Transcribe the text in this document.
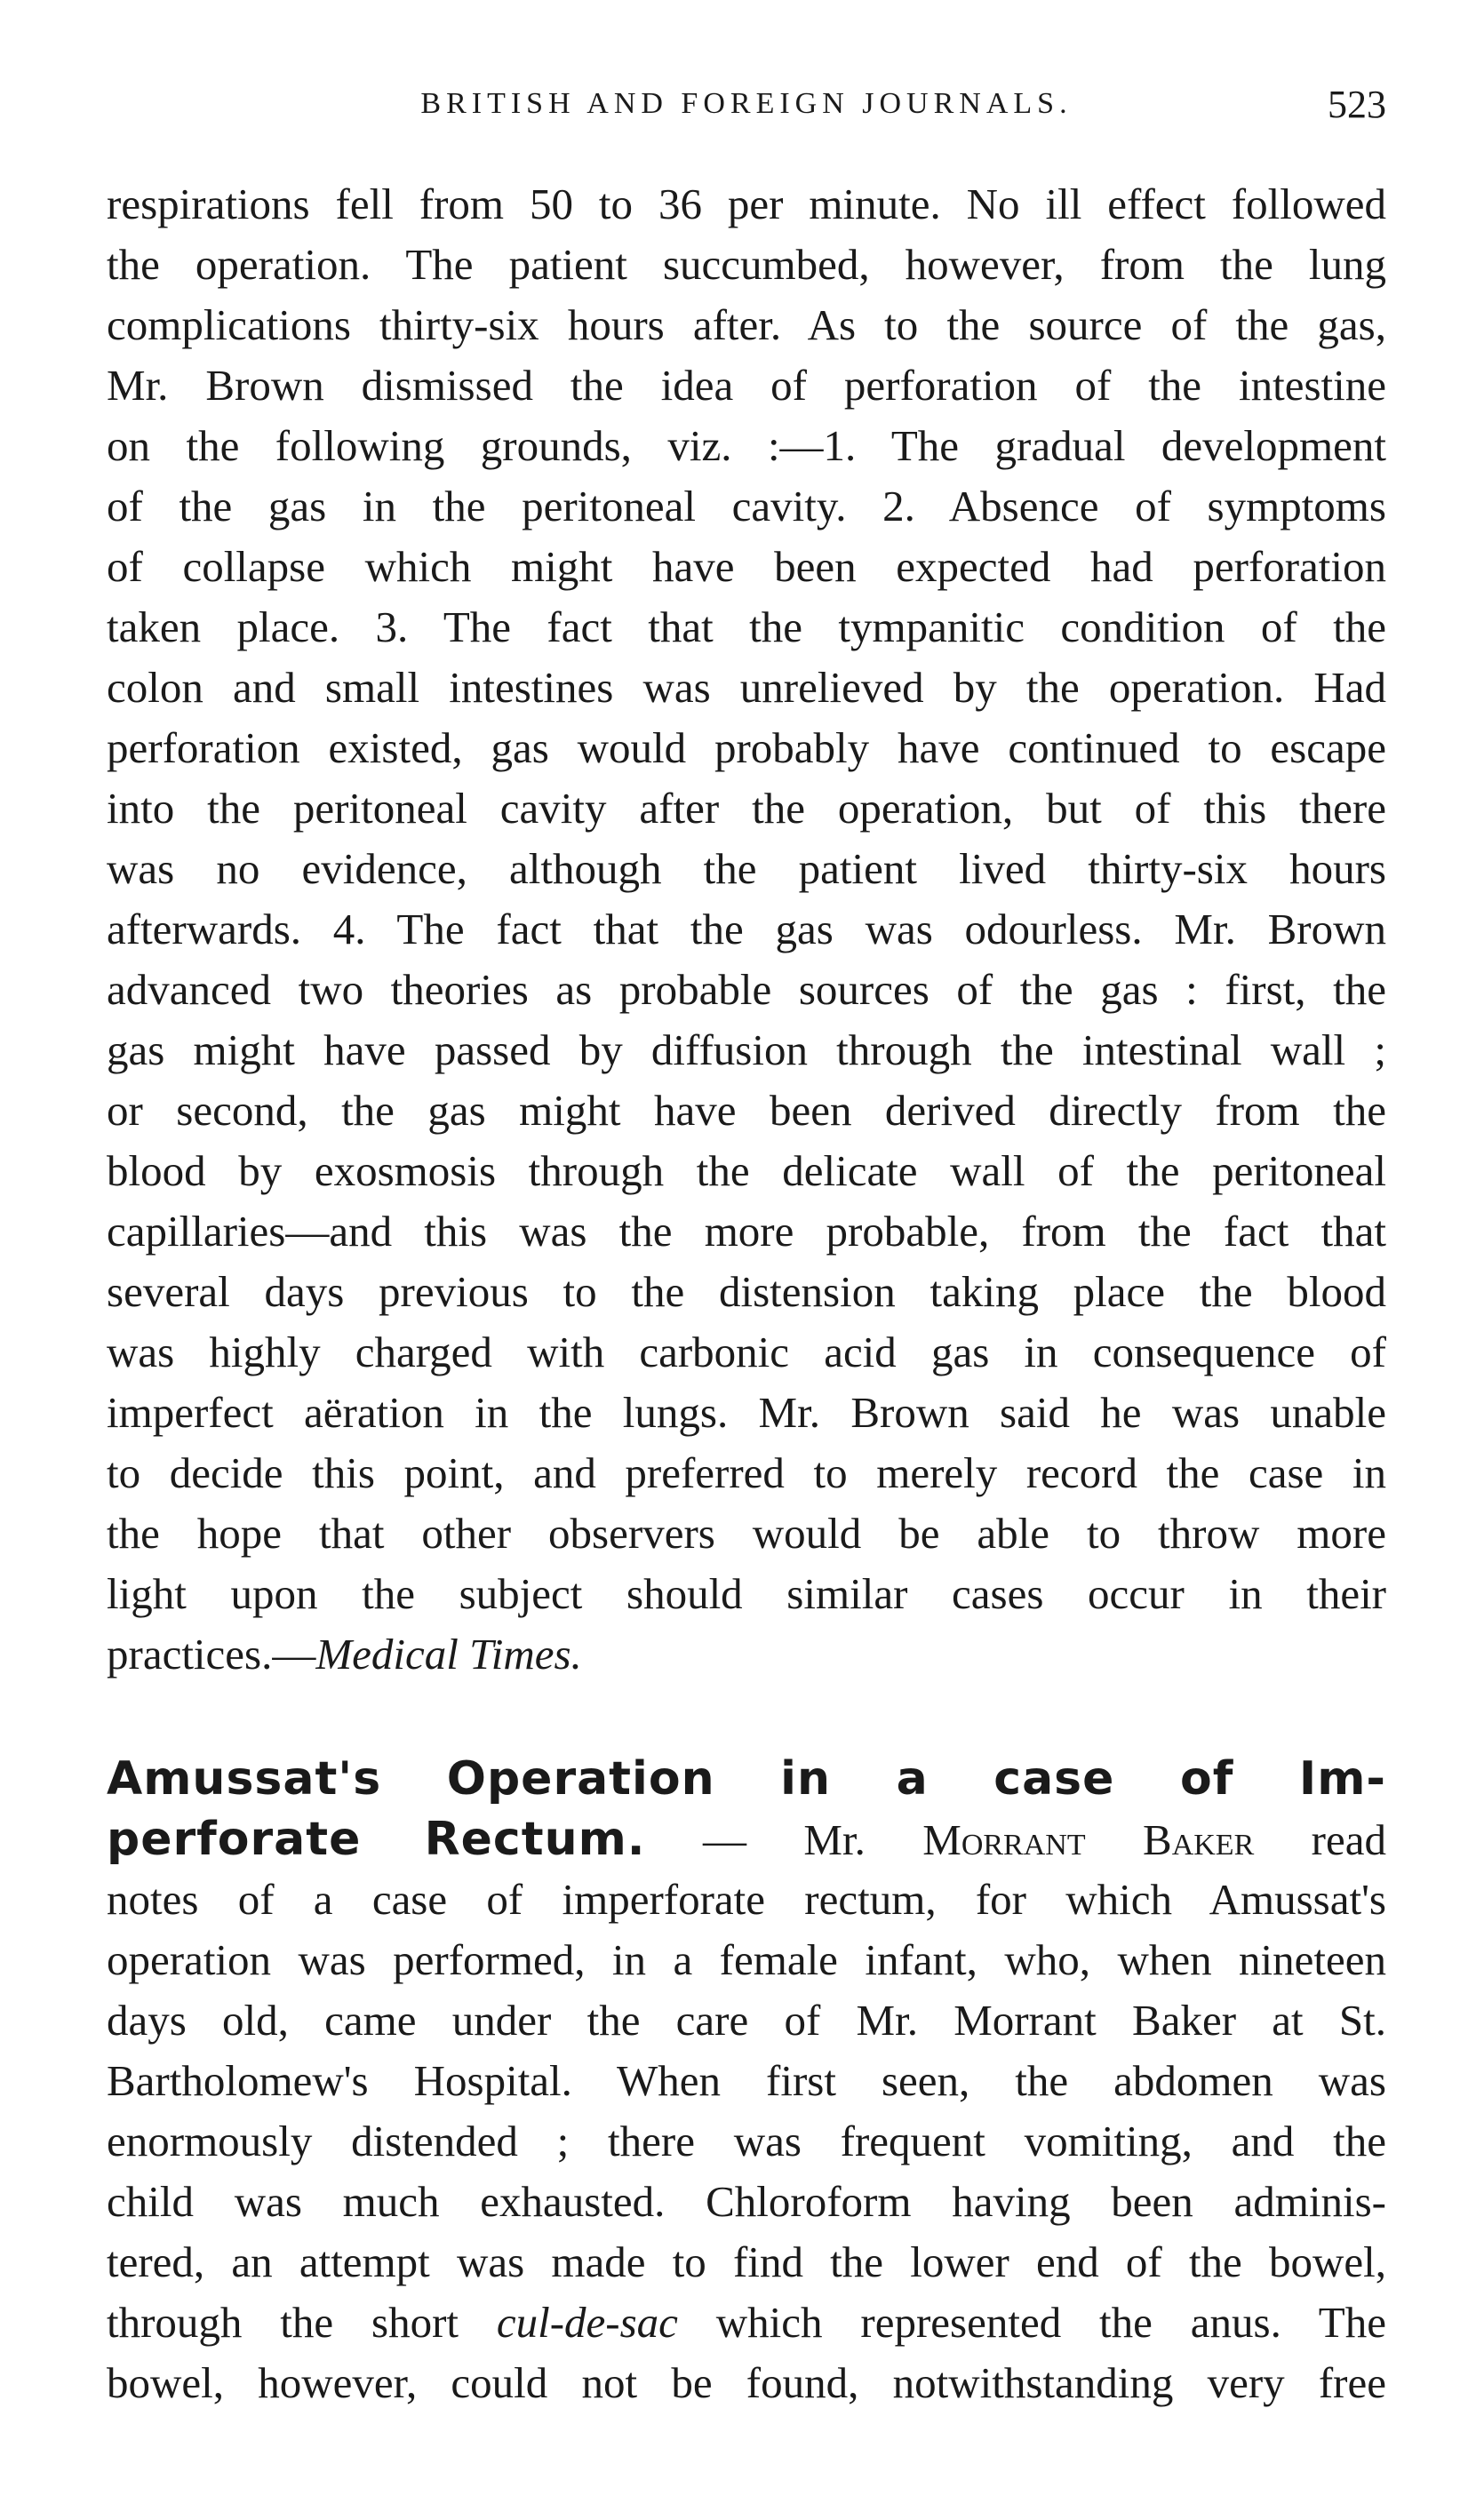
BRITISH AND FOREIGN JOURNALS.	523
respirations fell from 50 to 36 per minute. No ill effect followed
the operation. The patient succumbed, however, from the lung
complications thirty-six hours after. As to the source of the gas,
Mr. Brown dismissed the idea of perforation of the intestine
on the following grounds, viz. :—1. The gradual development
of the gas in the peritoneal cavity. 2. Absence of symptoms
of collapse which might have been expected had perforation
taken place. 3. The fact that the tympanitic condition of the
colon and small intestines was unrelieved by the operation. Had
perforation existed, gas would probably have continued to escape
into the peritoneal cavity after the operation, but of this there
was no evidence, although the patient lived thirty-six hours
afterwards. 4. The fact that the gas was odourless. Mr. Brown
advanced two theories as probable sources of the gas : first, the
gas might have passed by diffusion through the intestinal wall ;
or second, the gas might have been derived directly from the
blood by exosmosis through the delicate wall of the peritoneal
capillaries—and this was the more probable, from the fact that
several days previous to the distension taking place the blood
was highly charged with carbonic acid gas in consequence of
imperfect aëration in the lungs. Mr. Brown said he was unable
to decide this point, and preferred to merely record the case in
the hope that other observers would be able to throw more
light upon the subject should similar cases occur in their
practices.—Medical Times.
Amussat's Operation in a case of Im-
perforate Rectum. — Mr. Morrant Baker read
notes of a case of imperforate rectum, for which Amussat's
operation was performed, in a female infant, who, when nineteen
days old, came under the care of Mr. Morrant Baker at St.
Bartholomew's Hospital. When first seen, the abdomen was
enormously distended ; there was frequent vomiting, and the
child was much exhausted. Chloroform having been adminis-
tered, an attempt was made to find the lower end of the bowel,
through the short cul-de-sac which represented the anus. The
bowel, however, could not be found, notwithstanding very free
